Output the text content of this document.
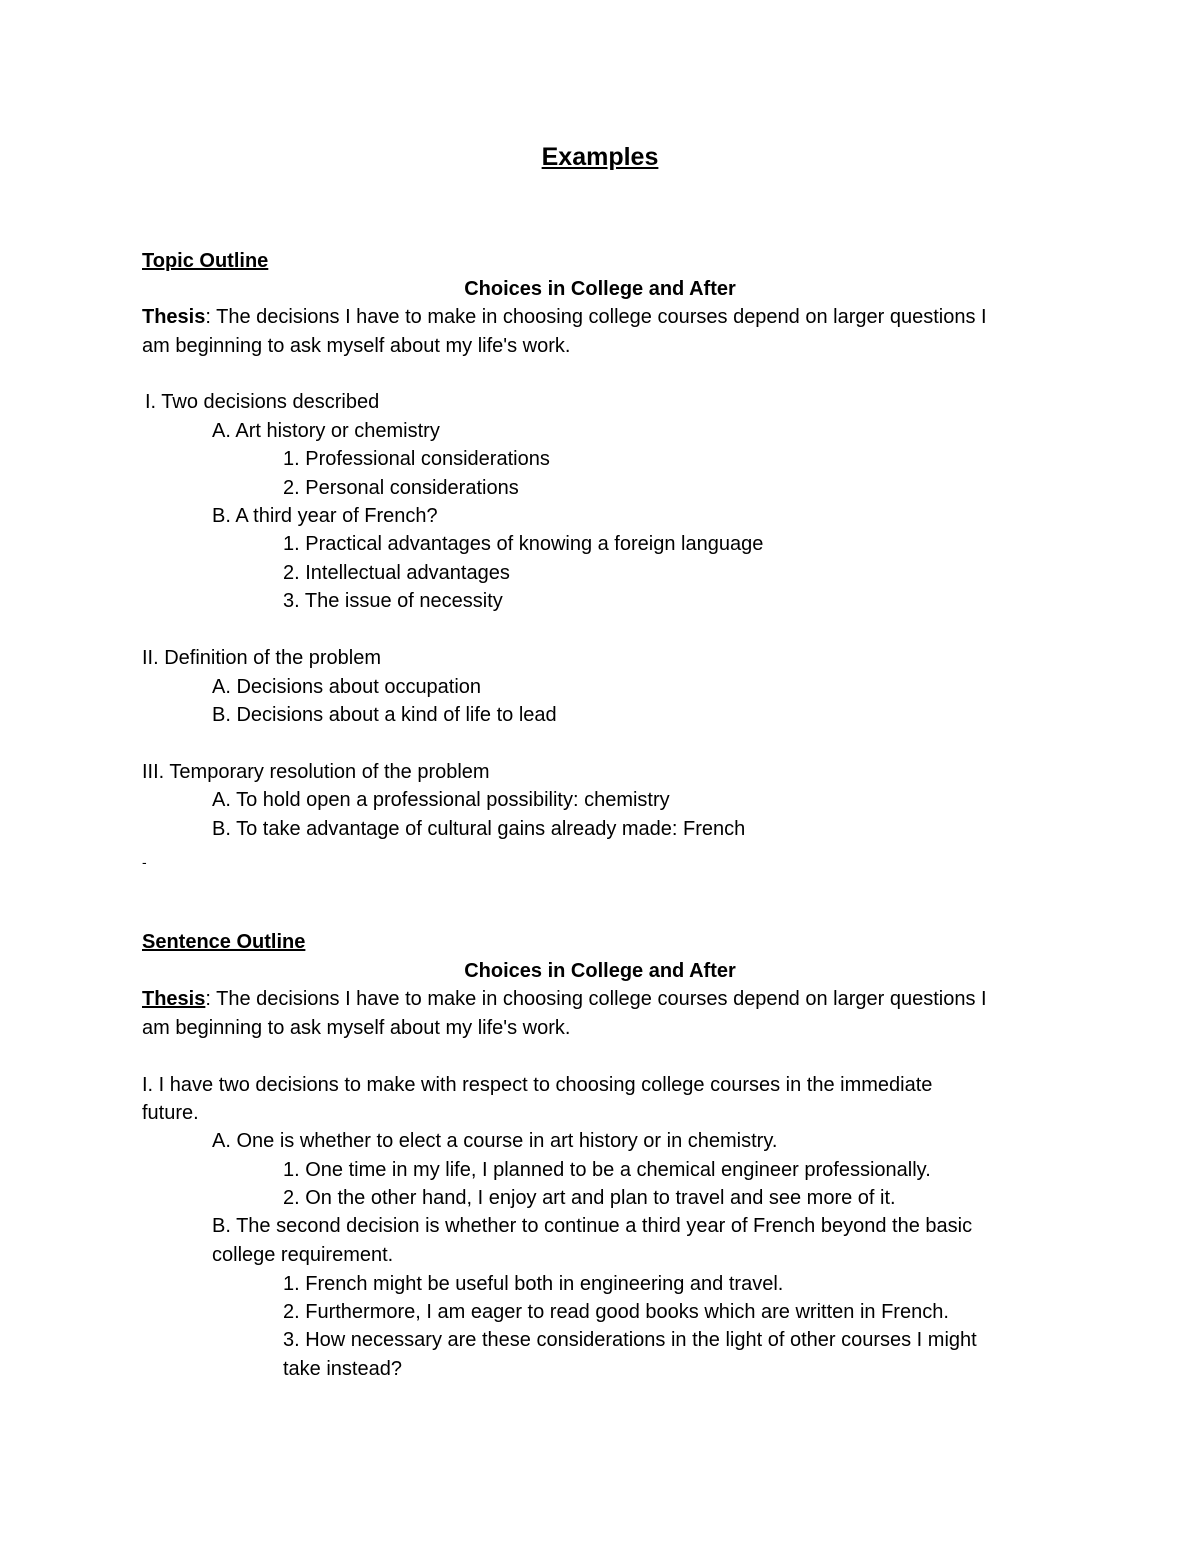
Examples
Topic Outline
Choices in College and After
Thesis: The decisions I have to make in choosing college courses depend on larger questions I
am beginning to ask myself about my life's work.
I. Two decisions described
A. Art history or chemistry
1. Professional considerations
2. Personal considerations
B. A third year of French?
1. Practical advantages of knowing a foreign language
2. Intellectual advantages
3. The issue of necessity
II. Definition of the problem
A. Decisions about occupation
B. Decisions about a kind of life to lead
III. Temporary resolution of the problem
A. To hold open a professional possibility: chemistry
B. To take advantage of cultural gains already made: French
-
Sentence Outline
Choices in College and After
Thesis: The decisions I have to make in choosing college courses depend on larger questions I
am beginning to ask myself about my life's work.
I. I have two decisions to make with respect to choosing college courses in the immediate
future.
A. One is whether to elect a course in art history or in chemistry.
1. One time in my life, I planned to be a chemical engineer professionally.
2. On the other hand, I enjoy art and plan to travel and see more of it.
B. The second decision is whether to continue a third year of French beyond the basic
college requirement.
1. French might be useful both in engineering and travel.
2. Furthermore, I am eager to read good books which are written in French.
3. How necessary are these considerations in the light of other courses I might
take instead?
